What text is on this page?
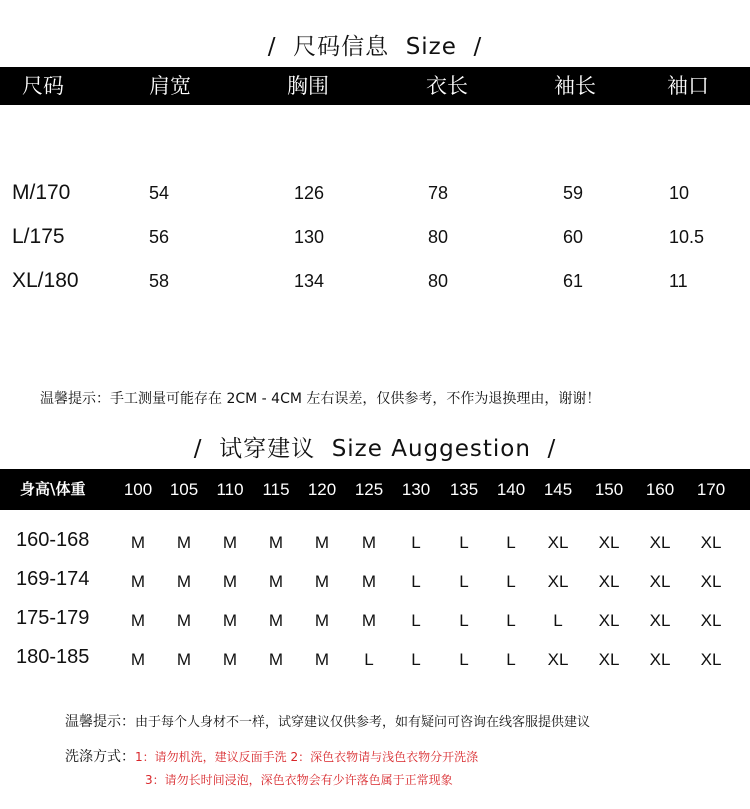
/  尺码信息  Size  /
尺码	肩宽	胸围	衣长	袖长	袖口
M/170	54	126	78	59	10
L/175	56	130	80	60	10.5
XL/180	58	134	80	61	11
温馨提示：手工测量可能存在 2CM - 4CM 左右误差，仅供参考，不作为退换理由，谢谢！
/  试穿建议  Size Auggestion  /
身高\体重 100 105 110 115 120 125 130 135 140 145 150 160 170
160-168 M M M M M M L L L XL XL XL XL
169-174 M M M M M M L L L XL XL XL XL
175-179 M M M M M M L L L L XL XL XL
180-185 M M M M M L L L L XL XL XL XL
温馨提示：由于每个人身材不一样，试穿建议仅供参考，如有疑问可咨询在线客服提供建议
洗涤方式：1：请勿机洗，建议反面手洗 2：深色衣物请与浅色衣物分开洗涤
3：请勿长时间浸泡，深色衣物会有少许落色属于正常现象
